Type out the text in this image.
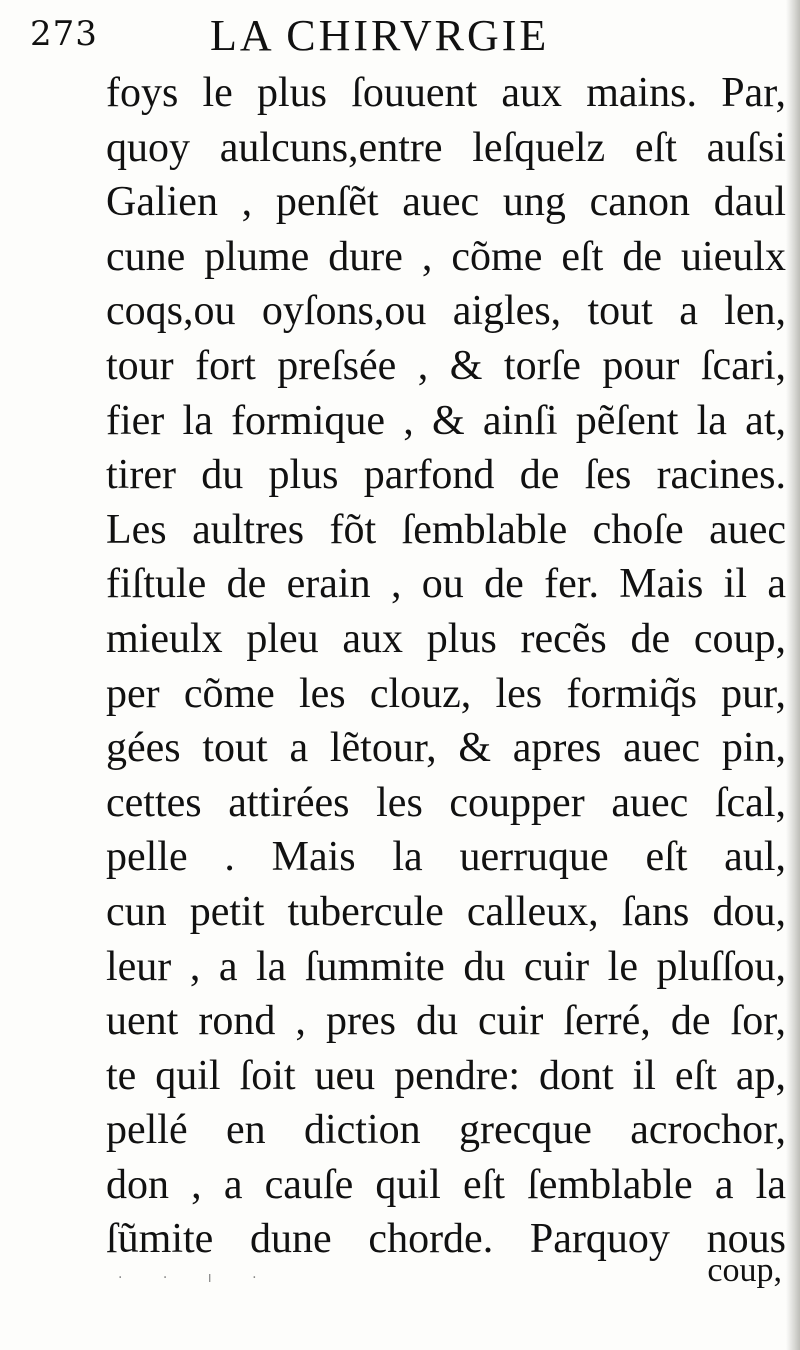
273	LA CHIRVRGIE
foys le plus ſouuent aux mains. Par,
quoy aulcuns,entre leſquelz eſt auſsi
Galien , penſẽt auec ung canon daul
cune plume dure , cõme eſt de uieulx
coqs,ou oyſons,ou aigles, tout a len,
tour fort preſsée , & torſe pour ſcari,
fier la formique , & ainſi pẽſent la at,
tirer du plus parfond de ſes racines.
Les aultres fõt ſemblable choſe auec
fiſtule de erain , ou de fer. Mais il a
mieulx pleu aux plus recẽs de coup,
per cõme les clouz, les formiq̃s pur,
gées tout a lẽtour, & apres auec pin,
cettes attirées les coupper auec ſcal,
pelle . Mais la uerruque eſt aul,
cun petit tubercule calleux, ſans dou,
leur , a la ſummite du cuir le pluſſou,
uent rond , pres du cuir ſerré, de ſor,
te quil ſoit ueu pendre: dont il eſt ap,
pellé en diction grecque acrochor,
don , a cauſe quil eſt ſemblable a la
ſũmite dune chorde. Parquoy nous
coup,
· · ı ·
